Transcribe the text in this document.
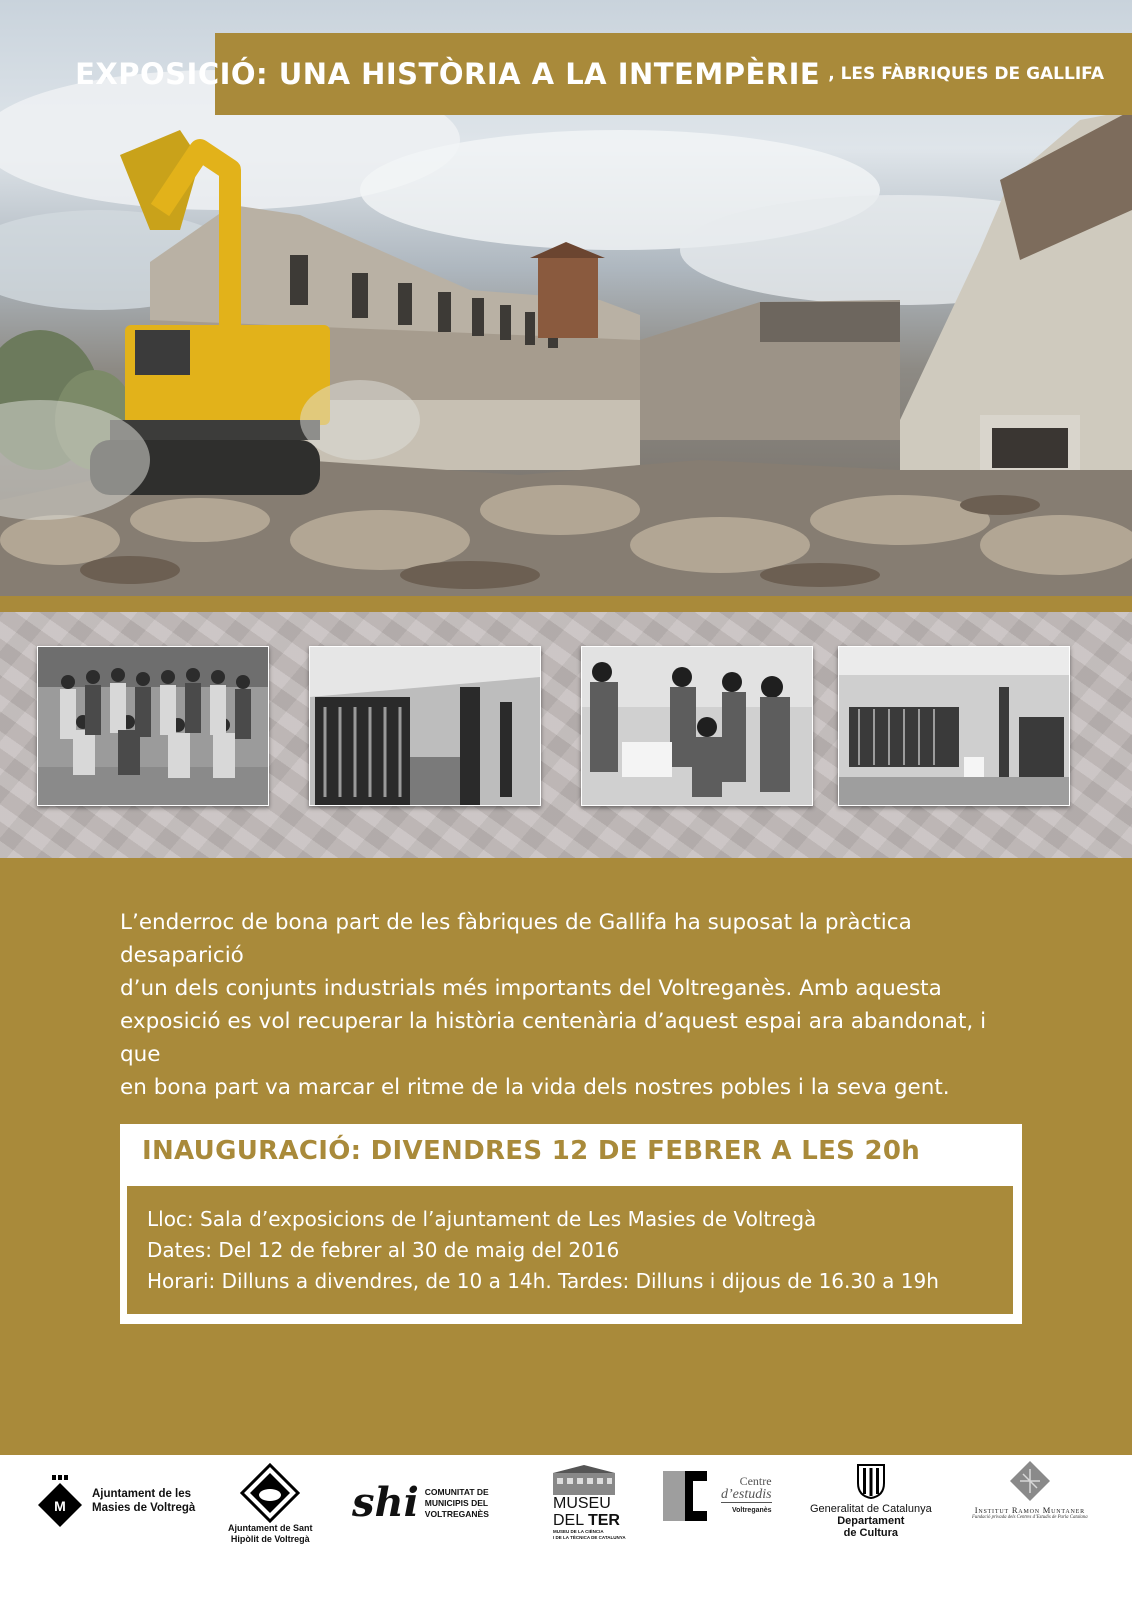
EXPOSICIÓ: UNA HISTÒRIA A LA INTEMPÈRIE , LES FÀBRIQUES DE GALLIFA

L’enderroc de bona part de les fàbriques de Gallifa ha suposat la pràctica desaparició

d’un dels conjunts industrials més importants del Voltreganès. Amb aquesta

exposició es vol recuperar la història centenària d’aquest espai ara abandonat, i que

en bona part va marcar el ritme de la vida dels nostres pobles i la seva gent.

INAUGURACIÓ: DIVENDRES 12 DE FEBRER A LES 20h
Lloc: Sala d’exposicions de l’ajuntament de Les Masies de Voltregà
Dates: Del 12 de febrer al 30 de maig del 2016
Horari: Dilluns a divendres, de 10 a 14h. Tardes: Dilluns i dijous de 16.30 a 19h
M
Ajuntament de les
Masies de Voltregà
Ajuntament de Sant
Hipòlit de Voltregà
shi COMUNITAT DE
MUNICIPIS DEL
VOLTREGANÈS
MUSEU
DEL TER
MUSEU DE LA CIÈNCIA
I DE LA TÈCNICA DE CATALUNYA
Centre
d’estudis
Voltreganès	Generalitat de Catalunya
Departament
de Cultura
Institut Ramon Muntaner
Fundació privada dels Centres d’Estudis de Parla Catalana
